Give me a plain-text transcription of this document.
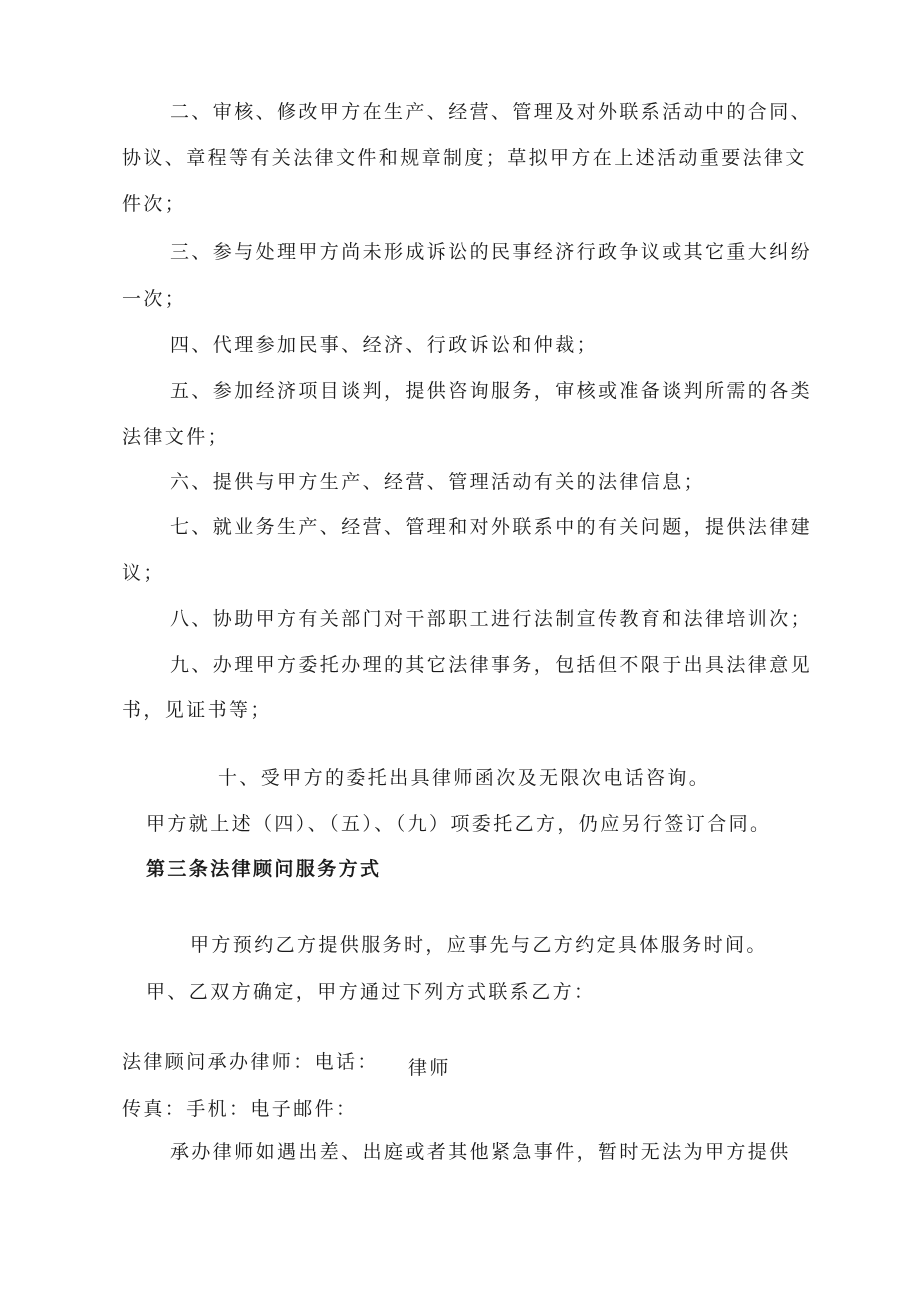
二、审核、修改甲方在生产、经营、管理及对外联系活动中的合同、
协议、章程等有关法律文件和规章制度；草拟甲方在上述活动重要法律文
件次；
三、参与处理甲方尚未形成诉讼的民事经济行政争议或其它重大纠纷
一次；
四、代理参加民事、经济、行政诉讼和仲裁；
五、参加经济项目谈判，提供咨询服务，审核或准备谈判所需的各类
法律文件；
六、提供与甲方生产、经营、管理活动有关的法律信息；
七、就业务生产、经营、管理和对外联系中的有关问题，提供法律建
议；
八、协助甲方有关部门对干部职工进行法制宣传教育和法律培训次；
九、办理甲方委托办理的其它法律事务，包括但不限于出具法律意见
书，见证书等；
十、受甲方的委托出具律师函次及无限次电话咨询。
甲方就上述（四）、（五）、（九）项委托乙方，仍应另行签订合同。
第三条法律顾问服务方式
甲方预约乙方提供服务时，应事先与乙方约定具体服务时间。
甲、乙双方确定，甲方通过下列方式联系乙方：
法律顾问承办律师：电话： 律师
传真：手机：电子邮件：
承办律师如遇出差、出庭或者其他紧急事件，暂时无法为甲方提供
